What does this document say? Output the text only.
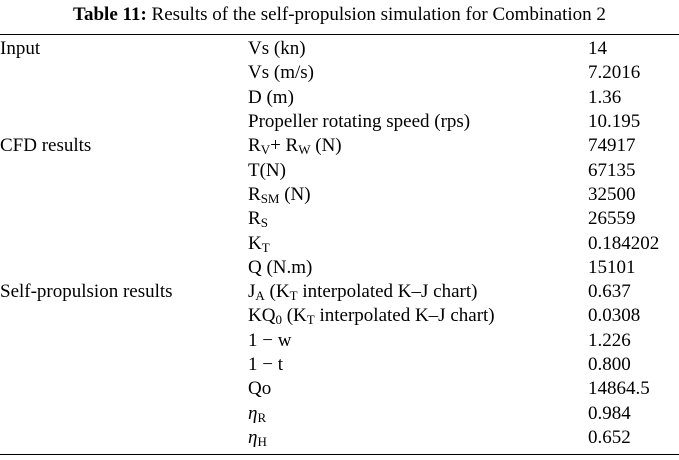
Table 11: Results of the self-propulsion simulation for Combination 2
Input	Vs (kn)	14
	Vs (m/s)	7.2016
	D (m)	1.36
	Propeller rotating speed (rps)	10.195
CFD results	$R_V+ R_W$ (N)	74917
	T(N)	67135
	$R_{SM}$ (N)	32500
	$R_S$	26559
	$K_T$	0.184202
	Q (N.m)	15101
Self-propulsion results	$J_A$ ($K_T$ interpolated K–J chart)	0.637
	$KQ_0$ ($K_T$ interpolated K–J chart)	0.0308
	1 − w	1.226
	1 − t	0.800
	Qo	14864.5
	$\eta_R$	0.984
	$\eta_H$	0.652
